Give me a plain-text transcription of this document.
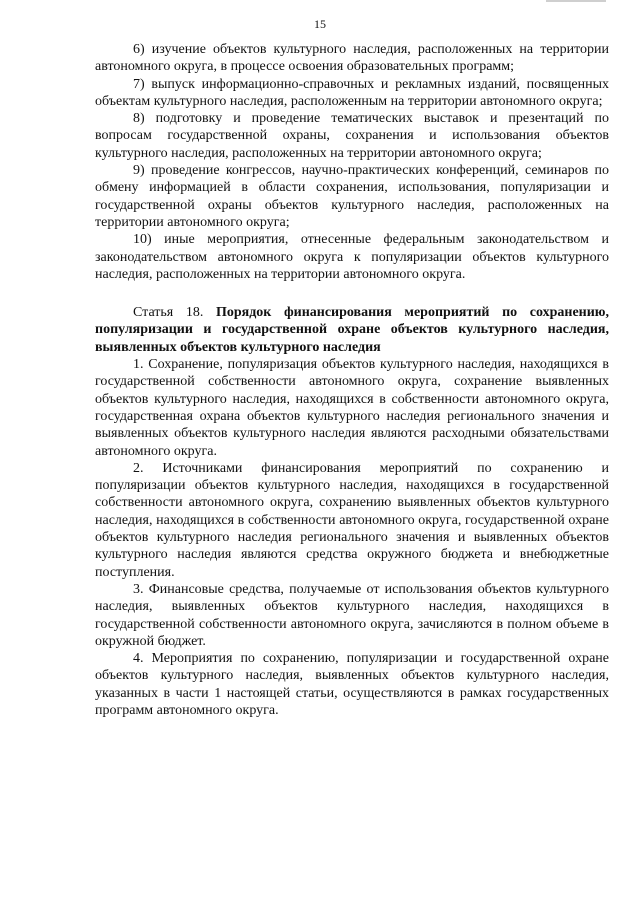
15

6) изучение объектов культурного наследия, расположенных на территории автономного округа, в процессе освоения образовательных программ;

7) выпуск информационно-справочных и рекламных изданий, посвященных объектам культурного наследия, расположенным на территории автономного округа;

8) подготовку и проведение тематических выставок и презентаций по вопросам государственной охраны, сохранения и использования объектов культурного наследия, расположенных на территории автономного округа;

9) проведение конгрессов, научно-практических конференций, семинаров по обмену информацией в области сохранения, использования, популяризации и государственной охраны объектов культурного наследия, расположенных на территории автономного округа;

10) иные мероприятия, отнесенные федеральным законодательством и законодательством автономного округа к популяризации объектов культурного наследия, расположенных на территории автономного округа.

Статья 18. Порядок финансирования мероприятий по сохранению, популяризации и государственной охране объектов культурного наследия, выявленных объектов культурного наследия

1. Сохранение, популяризация объектов культурного наследия, находящихся в государственной собственности автономного округа, сохранение выявленных объектов культурного наследия, находящихся в собственности автономного округа, государственная охрана объектов культурного наследия регионального значения и выявленных объектов культурного наследия являются расходными обязательствами автономного округа.

2. Источниками финансирования мероприятий по сохранению и популяризации объектов культурного наследия, находящихся в государственной собственности автономного округа, сохранению выявленных объектов культурного наследия, находящихся в собственности автономного округа, государственной охране объектов культурного наследия регионального значения и выявленных объектов культурного наследия являются средства окружного бюджета и внебюджетные поступления.

3. Финансовые средства, получаемые от использования объектов культурного наследия, выявленных объектов культурного наследия, находящихся в государственной собственности автономного округа, зачисляются в полном объеме в окружной бюджет.

4. Мероприятия по сохранению, популяризации и государственной охране объектов культурного наследия, выявленных объектов культурного наследия, указанных в части 1 настоящей статьи, осуществляются в рамках государственных программ автономного округа.
